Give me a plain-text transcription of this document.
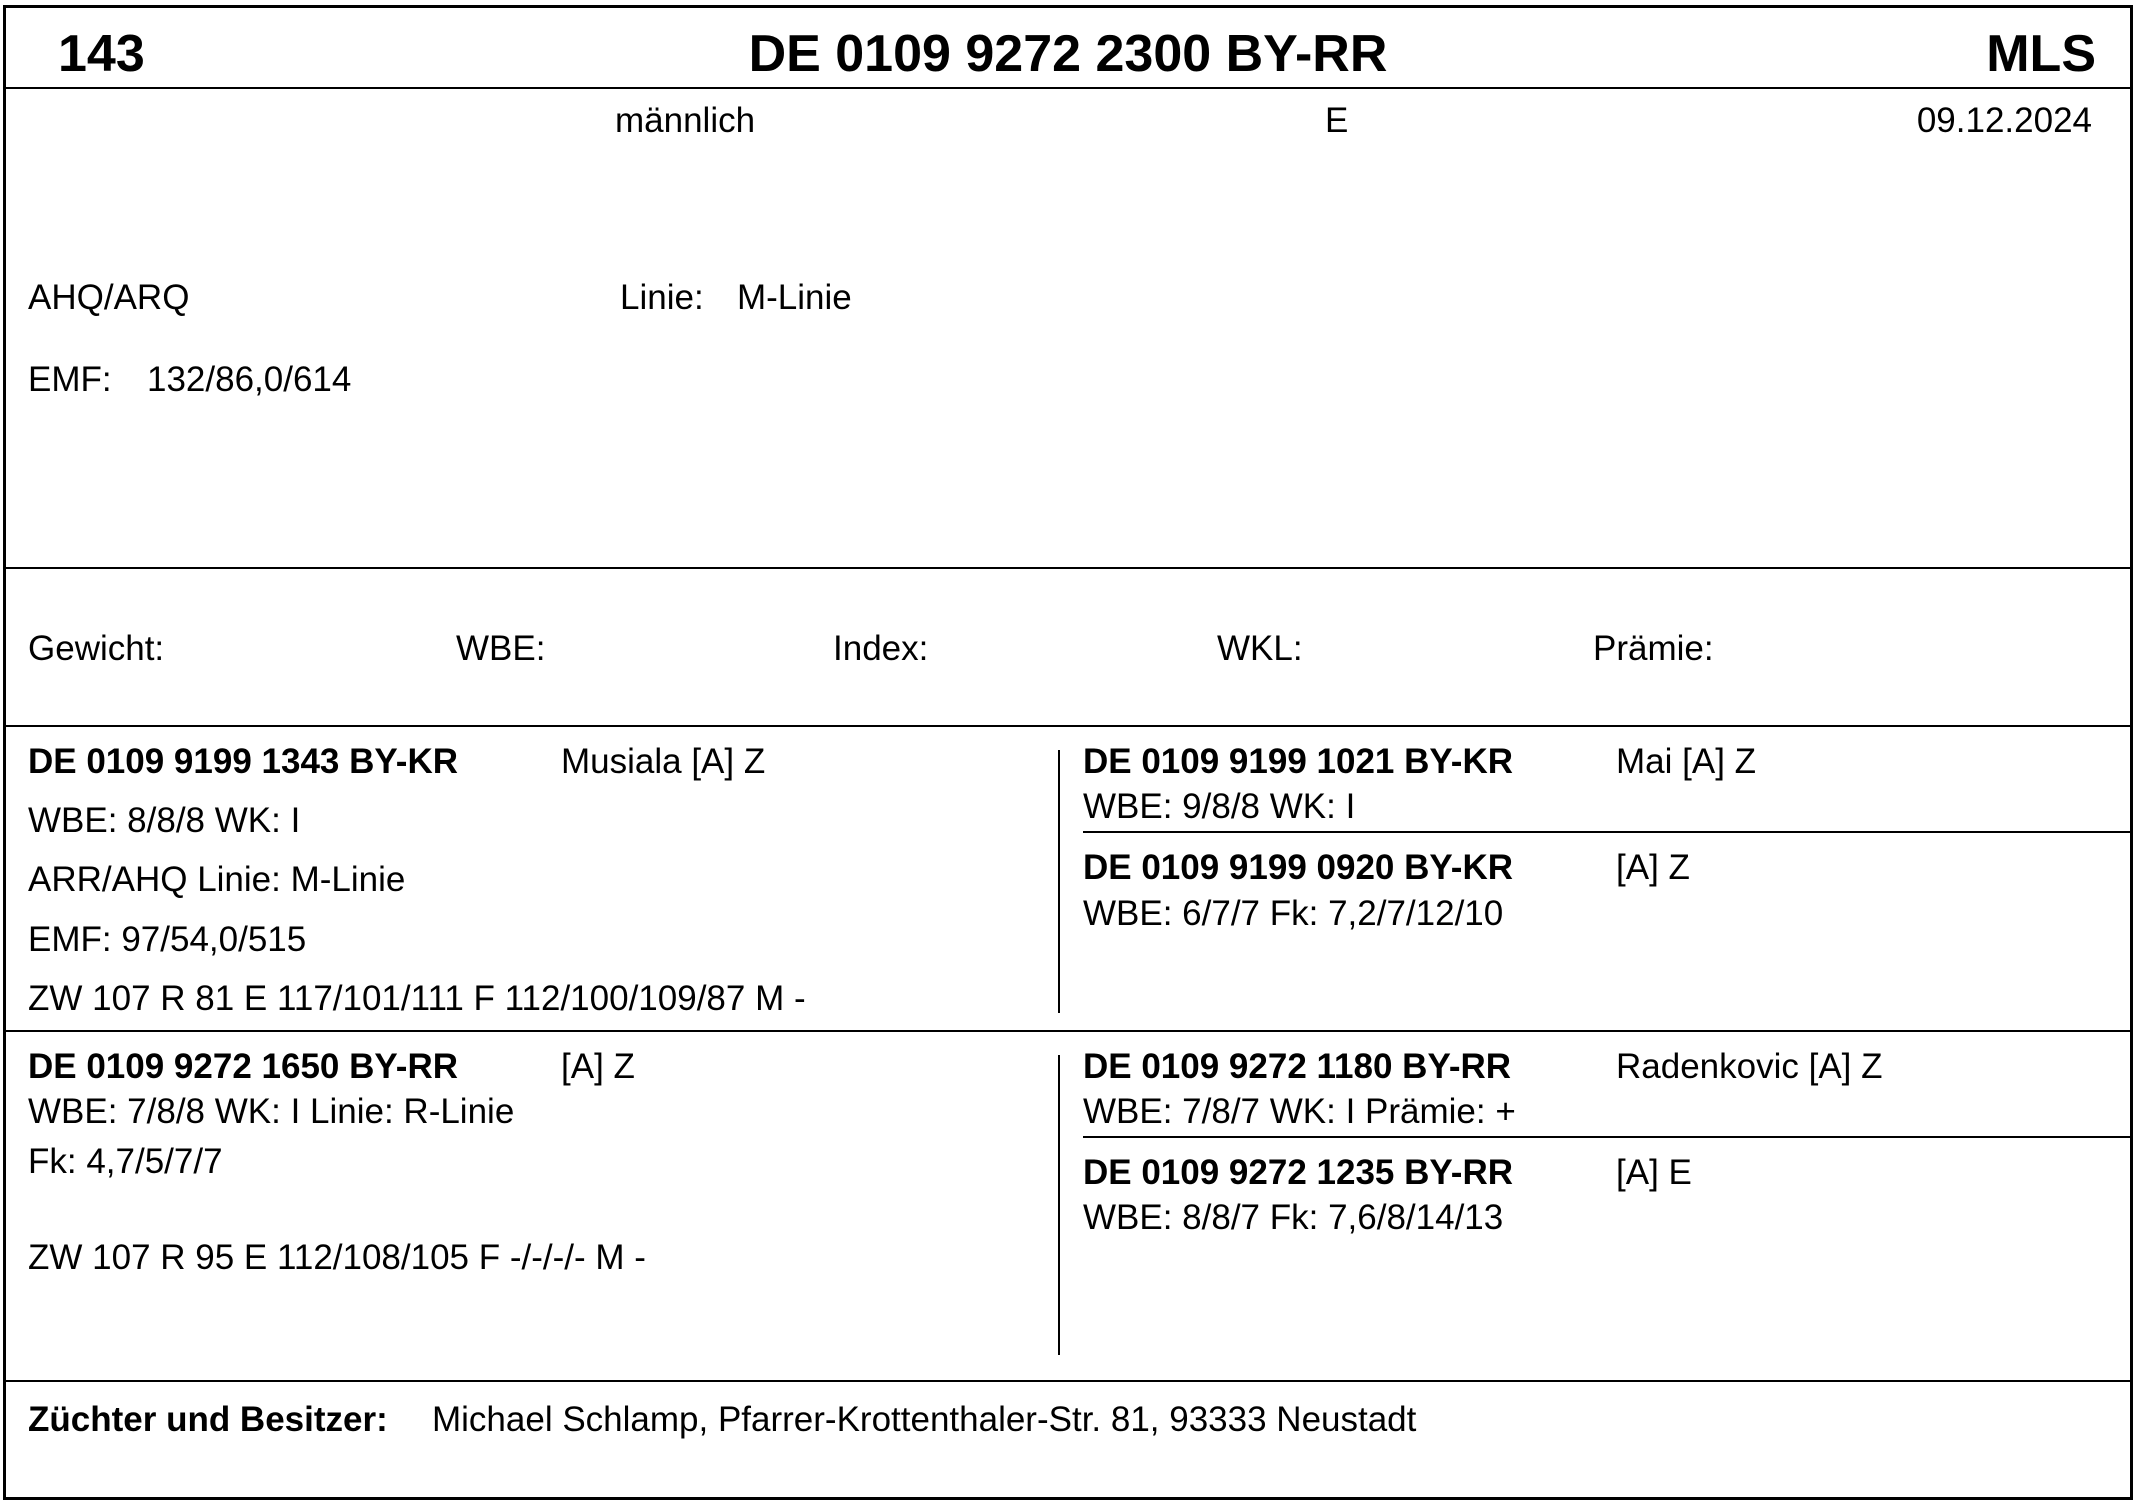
143	DE 0109 9272 2300 BY-RR	MLS
männlich	E	09.12.2024
AHQ/ARQ	Linie: M-Linie
EMF: 132/86,0/614
Gewicht:	WBE:	Index:	WKL:	Prämie:
DE 0109 9199 1343 BY-KR	Musiala [A] Z
WBE: 8/8/8 WK: I
ARR/AHQ Linie: M-Linie
EMF: 97/54,0/515
ZW 107 R 81 E 117/101/111 F 112/100/109/87 M -
DE 0109 9199 1021 BY-KR	Mai [A] Z
WBE: 9/8/8 WK: I
DE 0109 9199 0920 BY-KR	[A] Z
WBE: 6/7/7 Fk: 7,2/7/12/10
DE 0109 9272 1650 BY-RR	[A] Z
WBE: 7/8/8 WK: I Linie: R-Linie
Fk: 4,7/5/7/7
ZW 107 R 95 E 112/108/105 F -/-/-/- M -
DE 0109 9272 1180 BY-RR	Radenkovic [A] Z
WBE: 7/8/7 WK: I Prämie: +
DE 0109 9272 1235 BY-RR	[A] E
WBE: 8/8/7 Fk: 7,6/8/14/13
Züchter und Besitzer: Michael Schlamp, Pfarrer-Krottenthaler-Str. 81, 93333 Neustadt
